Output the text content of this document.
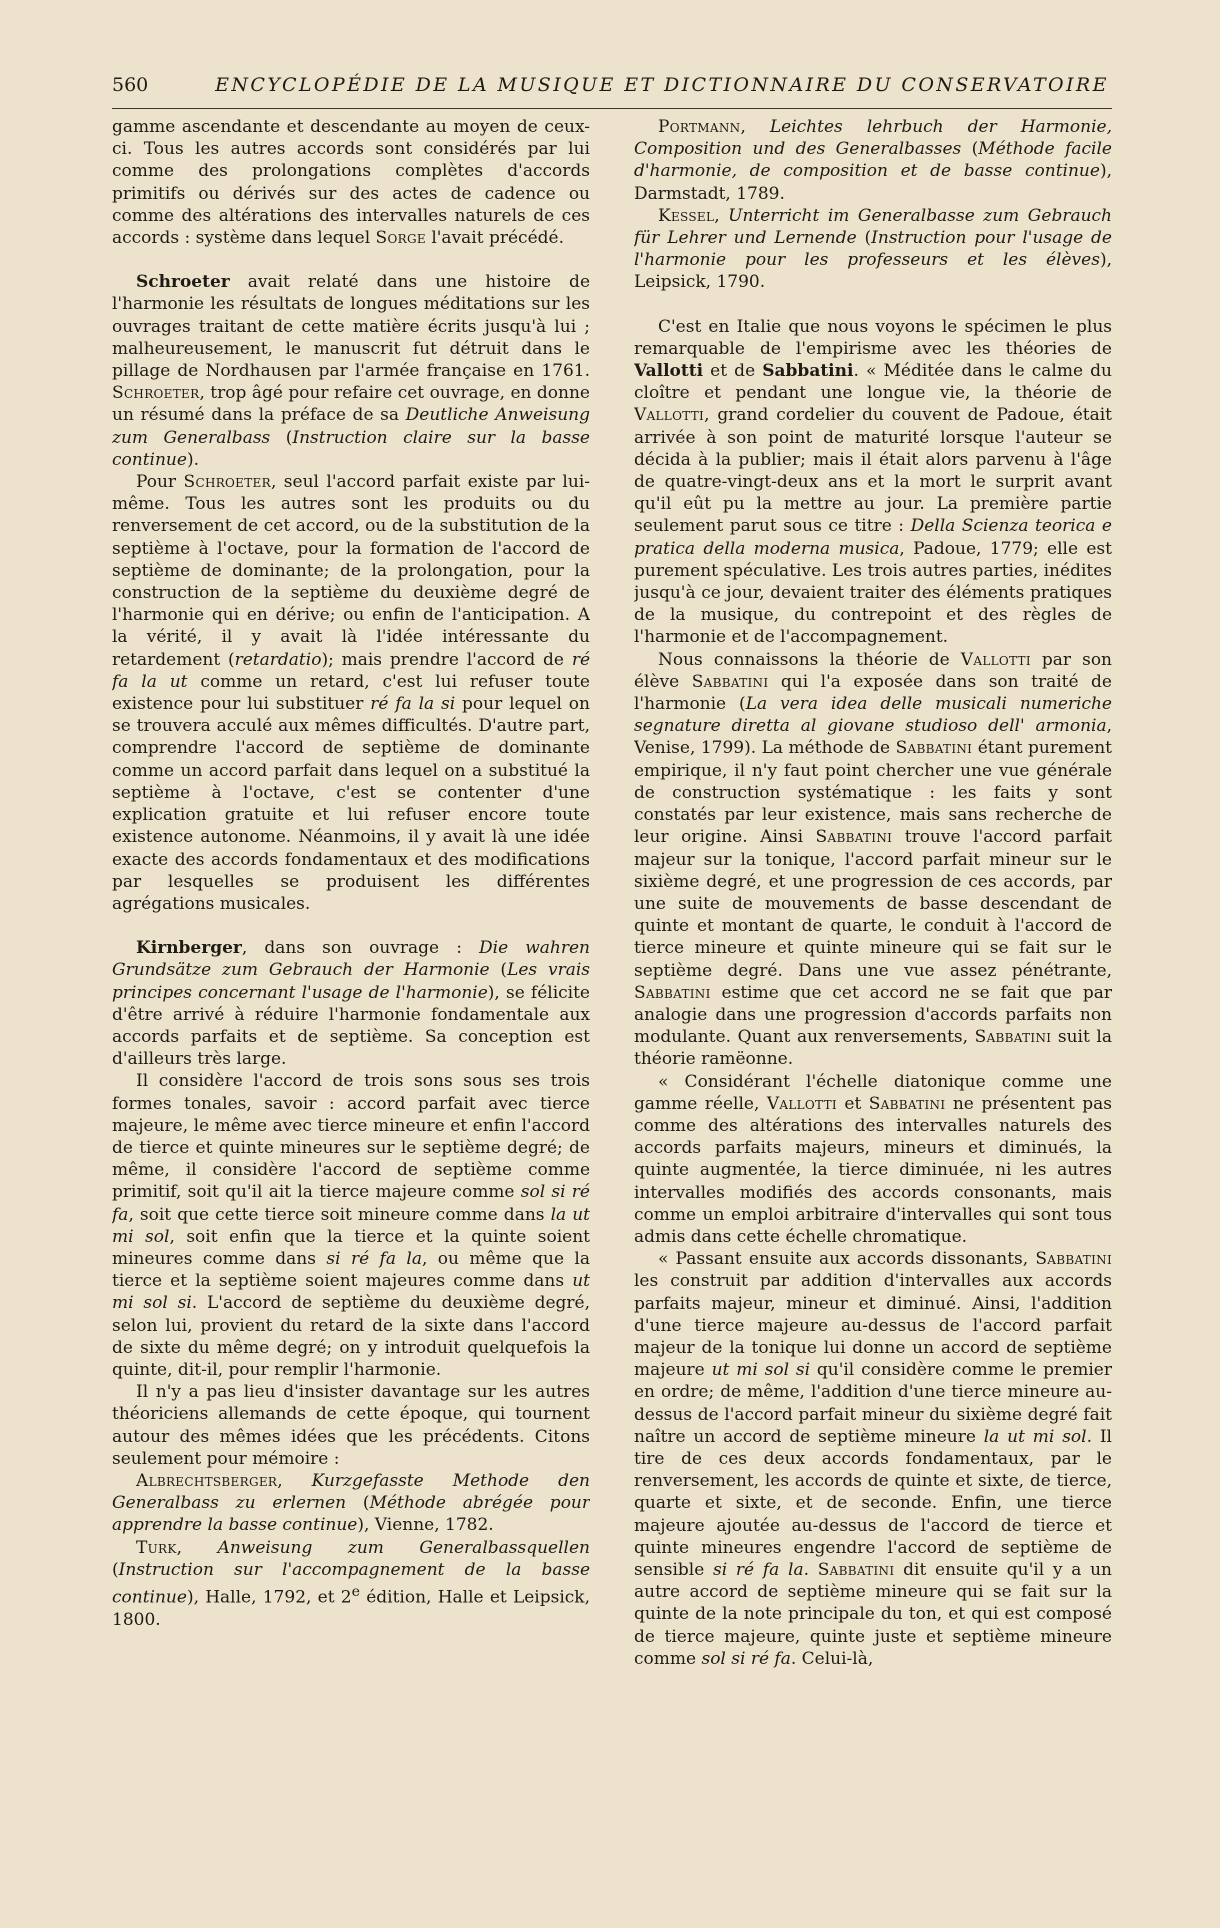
560	ENCYCLOPÉDIE DE LA MUSIQUE ET DICTIONNAIRE DU CONSERVATOIRE

gamme ascendante et descendante au moyen de ceux-ci. Tous les autres accords sont considérés par lui comme des prolongations complètes d'accords primitifs ou dérivés sur des actes de cadence ou comme des altérations des intervalles naturels de ces accords : système dans lequel Sorge l'avait précédé.

Schroeter avait relaté dans une histoire de l'harmonie les résultats de longues méditations sur les ouvrages traitant de cette matière écrits jusqu'à lui ; malheureusement, le manuscrit fut détruit dans le pillage de Nordhausen par l'armée française en 1761. Schroeter, trop âgé pour refaire cet ouvrage, en donne un résumé dans la préface de sa Deutliche Anweisung zum Generalbass (Instruction claire sur la basse continue).

Pour Schroeter, seul l'accord parfait existe par lui-même. Tous les autres sont les produits ou du renversement de cet accord, ou de la substitution de la septième à l'octave, pour la formation de l'accord de septième de dominante; de la prolongation, pour la construction de la septième du deuxième degré de l'harmonie qui en dérive; ou enfin de l'anticipation. A la vérité, il y avait là l'idée intéressante du retardement (retardatio); mais prendre l'accord de ré fa la ut comme un retard, c'est lui refuser toute existence pour lui substituer ré fa la si pour lequel on se trouvera acculé aux mêmes difficultés. D'autre part, comprendre l'accord de septième de dominante comme un accord parfait dans lequel on a substitué la septième à l'octave, c'est se contenter d'une explication gratuite et lui refuser encore toute existence autonome. Néanmoins, il y avait là une idée exacte des accords fondamentaux et des modifications par lesquelles se produisent les différentes agrégations musicales.

Kirnberger, dans son ouvrage : Die wahren Grundsätze zum Gebrauch der Harmonie (Les vrais principes concernant l'usage de l'harmonie), se félicite d'être arrivé à réduire l'harmonie fondamentale aux accords parfaits et de septième. Sa conception est d'ailleurs très large.

Il considère l'accord de trois sons sous ses trois formes tonales, savoir : accord parfait avec tierce majeure, le même avec tierce mineure et enfin l'accord de tierce et quinte mineures sur le septième degré; de même, il considère l'accord de septième comme primitif, soit qu'il ait la tierce majeure comme sol si ré fa, soit que cette tierce soit mineure comme dans la ut mi sol, soit enfin que la tierce et la quinte soient mineures comme dans si ré fa la, ou même que la tierce et la septième soient majeures comme dans ut mi sol si. L'accord de septième du deuxième degré, selon lui, provient du retard de la sixte dans l'accord de sixte du même degré; on y introduit quelquefois la quinte, dit-il, pour remplir l'harmonie.

Il n'y a pas lieu d'insister davantage sur les autres théoriciens allemands de cette époque, qui tournent autour des mêmes idées que les précédents. Citons seulement pour mémoire :

Albrechtsberger, Kurzgefasste Methode den Generalbass zu erlernen (Méthode abrégée pour apprendre la basse continue), Vienne, 1782.

Turk, Anweisung zum Generalbassquellen (Instruction sur l'accompagnement de la basse continue), Halle, 1792, et 2e édition, Halle et Leipsick, 1800.

Portmann, Leichtes lehrbuch der Harmonie, Composition und des Generalbasses (Méthode facile d'harmonie, de composition et de basse continue), Darmstadt, 1789.

Kessel, Unterricht im Generalbasse zum Gebrauch für Lehrer und Lernende (Instruction pour l'usage de l'harmonie pour les professeurs et les élèves), Leipsick, 1790.

C'est en Italie que nous voyons le spécimen le plus remarquable de l'empirisme avec les théories de Vallotti et de Sabbatini. « Méditée dans le calme du cloître et pendant une longue vie, la théorie de Vallotti, grand cordelier du couvent de Padoue, était arrivée à son point de maturité lorsque l'auteur se décida à la publier; mais il était alors parvenu à l'âge de quatre-vingt-deux ans et la mort le surprit avant qu'il eût pu la mettre au jour. La première partie seulement parut sous ce titre : Della Scienza teorica e pratica della moderna musica, Padoue, 1779; elle est purement spéculative. Les trois autres parties, inédites jusqu'à ce jour, devaient traiter des éléments pratiques de la musique, du contrepoint et des règles de l'harmonie et de l'accompagnement.

Nous connaissons la théorie de Vallotti par son élève Sabbatini qui l'a exposée dans son traité de l'harmonie (La vera idea delle musicali numeriche segnature diretta al giovane studioso dell' armonia, Venise, 1799). La méthode de Sabbatini étant purement empirique, il n'y faut point chercher une vue générale de construction systématique : les faits y sont constatés par leur existence, mais sans recherche de leur origine. Ainsi Sabbatini trouve l'accord parfait majeur sur la tonique, l'accord parfait mineur sur le sixième degré, et une progression de ces accords, par une suite de mouvements de basse descendant de quinte et montant de quarte, le conduit à l'accord de tierce mineure et quinte mineure qui se fait sur le septième degré. Dans une vue assez pénétrante, Sabbatini estime que cet accord ne se fait que par analogie dans une progression d'accords parfaits non modulante. Quant aux renversements, Sabbatini suit la théorie ramëonne.

« Considérant l'échelle diatonique comme une gamme réelle, Vallotti et Sabbatini ne présentent pas comme des altérations des intervalles naturels des accords parfaits majeurs, mineurs et diminués, la quinte augmentée, la tierce diminuée, ni les autres intervalles modifiés des accords consonants, mais comme un emploi arbitraire d'intervalles qui sont tous admis dans cette échelle chromatique.

« Passant ensuite aux accords dissonants, Sabbatini les construit par addition d'intervalles aux accords parfaits majeur, mineur et diminué. Ainsi, l'addition d'une tierce majeure au-dessus de l'accord parfait majeur de la tonique lui donne un accord de septième majeure ut mi sol si qu'il considère comme le premier en ordre; de même, l'addition d'une tierce mineure au-dessus de l'accord parfait mineur du sixième degré fait naître un accord de septième mineure la ut mi sol. Il tire de ces deux accords fondamentaux, par le renversement, les accords de quinte et sixte, de tierce, quarte et sixte, et de seconde. Enfin, une tierce majeure ajoutée au-dessus de l'accord de tierce et quinte mineures engendre l'accord de septième de sensible si ré fa la. Sabbatini dit ensuite qu'il y a un autre accord de septième mineure qui se fait sur la quinte de la note principale du ton, et qui est composé de tierce majeure, quinte juste et septième mineure comme sol si ré fa. Celui-là,
